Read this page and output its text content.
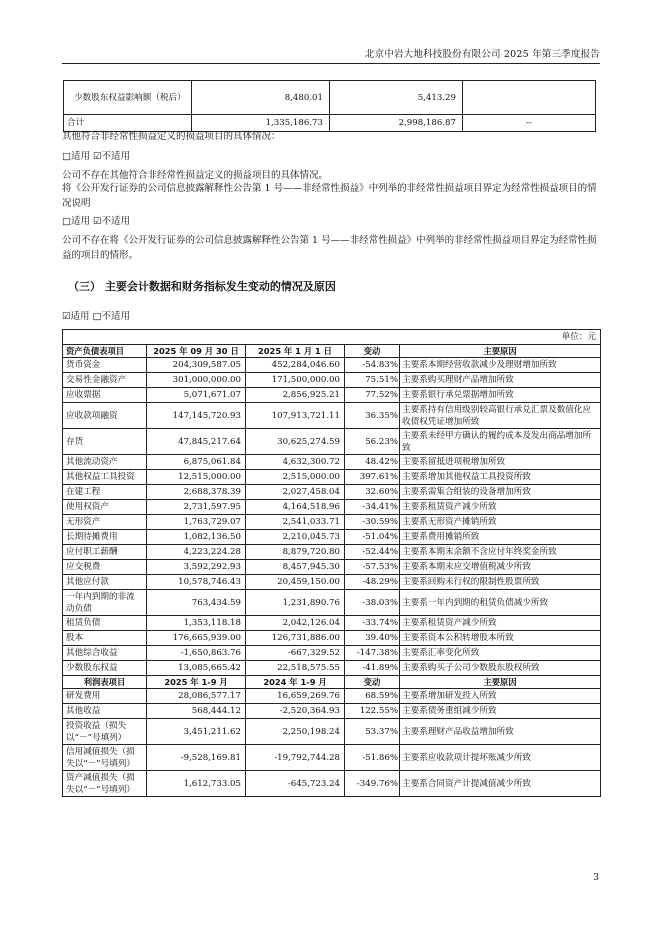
北京中岩大地科技股份有限公司 2025 年第三季度报告
少数股东权益影响额（税后）	8,480.01	5,413.29	
合计	1,335,186.73	2,998,186.87	--
其他符合非经常性损益定义的损益项目的具体情况：
□适用 ☑不适用
公司不存在其他符合非经常性损益定义的损益项目的具体情况。
将《公开发行证券的公司信息披露解释性公告第 1 号——非经常性损益》中列举的非经常性损益项目界定为经常性损益项目的情况说明
□适用 ☑不适用
公司不存在将《公开发行证券的公司信息披露解释性公告第 1 号——非经常性损益》中列举的非经常性损益项目界定为经常性损益的项目的情形。
（三） 主要会计数据和财务指标发生变动的情况及原因
☑适用 □不适用
单位：元				
资产负债表项目	2025 年 09 月 30 日	2025 年 1 月 1 日	变动	主要原因
货币资金	204,309,587.05	452,284,046.60	-54.83%	主要系本期经营收款减少及理财增加所致
交易性金融资产	301,000,000.00	171,500,000.00	75.51%	主要系购买理财产品增加所致
应收票据	5,071,671.07	2,856,925.21	77.52%	主要系银行承兑票据增加所致
应收款项融资	147,145,720.93	107,913,721.11	36.35%	主要系持有信用级别较高银行承兑汇票及数值化应收债权凭证增加所致
存货	47,845,217.64	30,625,274.59	56.23%	主要系未经甲方确认的履约成本及发出商品增加所致
其他流动资产	6,875,061.84	4,632,300.72	48.42%	主要系留抵进项税增加所致
其他权益工具投资	12,515,000.00	2,515,000.00	397.61%	主要系增加其他权益工具投资所致
在建工程	2,688,378.39	2,027,458.04	32.60%	主要系需集合组装的设备增加所致
使用权资产	2,731,597.95	4,164,518.96	-34.41%	主要系租赁资产减少所致
无形资产	1,763,729.07	2,541,033.71	-30.59%	主要系无形资产摊销所致
长期待摊费用	1,082,136.50	2,210,045.73	-51.04%	主要系费用摊销所致
应付职工薪酬	4,223,224.28	8,879,720.80	-52.44%	主要系本期末余额不含应付年终奖金所致
应交税费	3,592,292.93	8,457,945.30	-57.53%	主要系本期末应交增值税减少所致
其他应付款	10,578,746.43	20,459,150.00	-48.29%	主要系回购未行权的限制性股票所致
一年内到期的非流动负债	763,434.59	1,231,890.76	-38.03%	主要系一年内到期的租赁负债减少所致
租赁负债	1,353,118.18	2,042,126.04	-33.74%	主要系租赁资产减少所致
股本	176,665,939.00	126,731,886.00	39.40%	主要系资本公积转增股本所致
其他综合收益	-1,650,863.76	-667,329.52	-147.38%	主要系汇率变化所致
少数股东权益	13,085,665.42	22,518,575.55	-41.89%	主要系购买子公司少数股东股权所致
利润表项目	2025 年 1-9 月	2024 年 1-9 月	变动	主要原因
研发费用	28,086,577.17	16,659,269.76	68.59%	主要系增加研发投入所致
其他收益	568,444.12	-2,520,364.93	122.55%	主要系债务重组减少所致
投资收益（损失以“－”号填列）	3,451,211.62	2,250,198.24	53.37%	主要系理财产品收益增加所致
信用减值损失（损失以“－”号填列）	-9,528,169.81	-19,792,744.28	-51.86%	主要系应收款项计提坏账减少所致
资产减值损失（损失以“－”号填列）	1,612,733.05	-645,723.24	-349.76%	主要系合同资产计提减值减少所致
3
